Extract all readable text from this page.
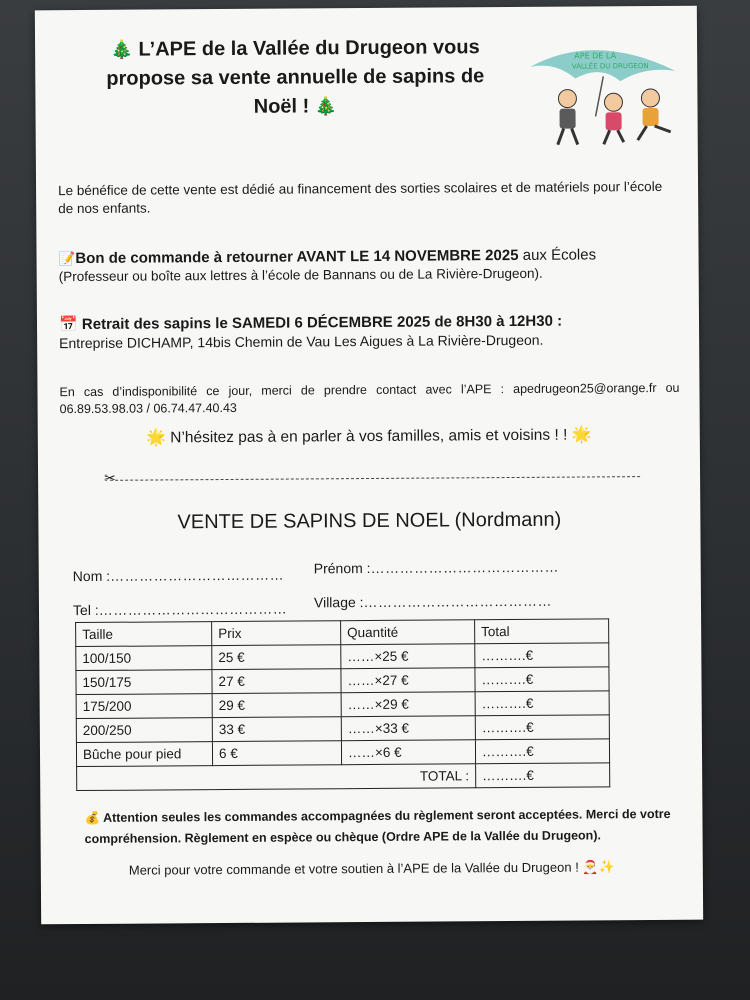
🎄 L’APE de la Vallée du Drugeon vous
propose sa vente annuelle de sapins de
Noël ! 🎄
APE DE LA
VALLÉE DU DRUGEON
Le bénéfice de cette vente est dédié au financement des sorties scolaires et de matériels pour l’école de nos enfants.
📝Bon de commande à retourner AVANT LE 14 NOVEMBRE 2025 aux Écoles
(Professeur ou boîte aux lettres à l’école de Bannans ou de La Rivière-Drugeon).
📅 Retrait des sapins le SAMEDI 6 DÉCEMBRE 2025 de 8H30 à 12H30 :
Entreprise DICHAMP, 14bis Chemin de Vau Les Aigues à La Rivière-Drugeon.
En cas d’indisponibilité ce jour, merci de prendre contact avec l’APE : apedrugeon25@orange.fr ou 06.89.53.98.03 / 06.74.47.40.43
🌟 N’hésitez pas à en parler à vos familles, amis et voisins ! ! 🌟
✂
VENTE DE SAPINS DE NOEL (Nordmann)
Nom :……………………………… Prénom :…………………………………
Tel :………………………………… Village :…………………………………
Taille	Prix	Quantité	Total
100/150	25 €	……×25 €	……….€
150/175	27 €	……×27 €	……….€
175/200	29 €	……×29 €	……….€
200/250	33 €	……×33 €	……….€
Bûche pour pied	6 €	……×6 €	……….€
TOTAL :			……….€
💰 Attention seules les commandes accompagnées du règlement seront acceptées. Merci de votre compréhension. Règlement en espèce ou chèque (Ordre APE de la Vallée du Drugeon).
Merci pour votre commande et votre soutien à l’APE de la Vallée du Drugeon ! 🎅✨
